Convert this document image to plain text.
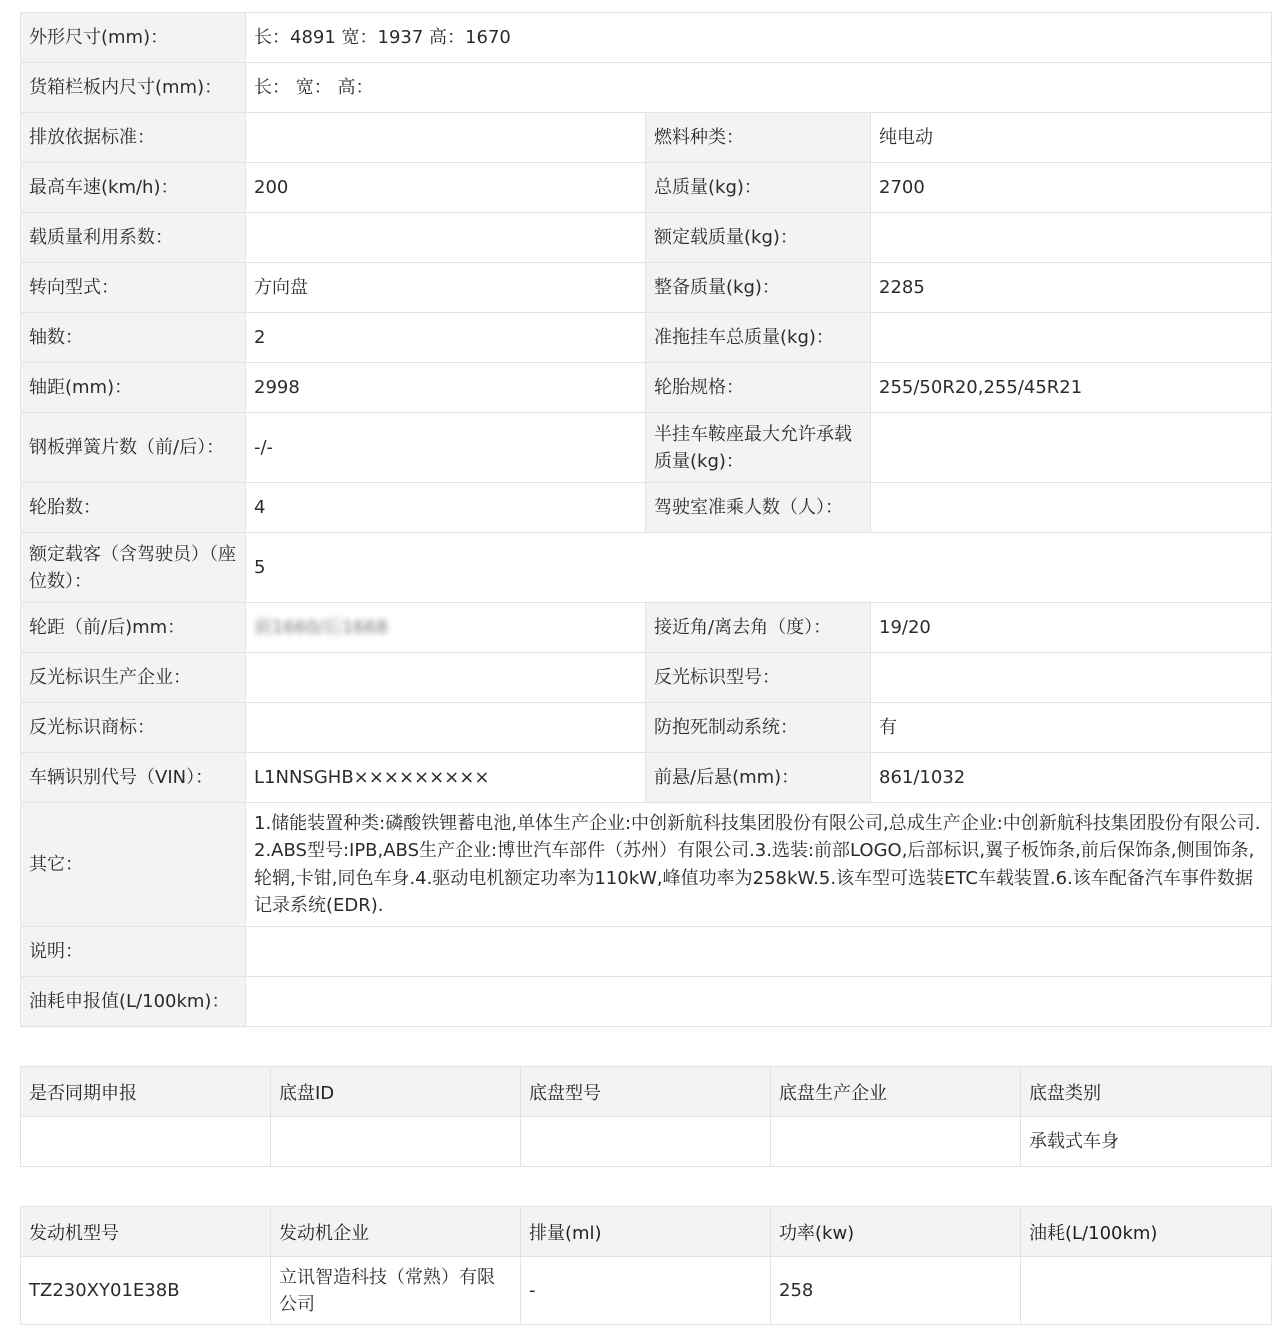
外形尺寸(mm)：	长：4891 宽：1937 高：1670		
货箱栏板内尺寸(mm)：	长： 宽： 高：		
排放依据标准：		燃料种类：	纯电动
最高车速(km/h)：	200	总质量(kg)：	2700
载质量利用系数：		额定载质量(kg)：	
转向型式：	方向盘	整备质量(kg)：	2285
轴数：	2	准拖挂车总质量(kg)：	
轴距(mm)：	2998	轮胎规格：	255/50R20,255/45R21
钢板弹簧片数（前/后）：	-/-	半挂车鞍座最大允许承载质量(kg)：	
轮胎数：	4	驾驶室准乘人数（人）：	
额定载客（含驾驶员）（座位数）：	5		
轮距（前/后)mm：	前1660/后1668	接近角/离去角（度）：	19/20
反光标识生产企业：		反光标识型号：	
反光标识商标：		防抱死制动系统：	有
车辆识别代号（VIN）：	L1NNSGHB×××××××××	前悬/后悬(mm)：	861/1032
其它：	1.储能装置种类:磷酸铁锂蓄电池,单体生产企业:中创新航科技集团股份有限公司,总成生产企业:中创新航科技集团股份有限公司.2.ABS型号:IPB,ABS生产企业:博世汽车部件（苏州）有限公司.3.选装:前部LOGO,后部标识,翼子板饰条,前后保饰条,侧围饰条,轮辋,卡钳,同色车身.4.驱动电机额定功率为110kW,峰值功率为258kW.5.该车型可选装ETC车载装置.6.该车配备汽车事件数据记录系统(EDR).		
说明：			
油耗申报值(L/100km)：			
是否同期申报	底盘ID	底盘型号	底盘生产企业	底盘类别
				承载式车身
发动机型号	发动机企业	排量(ml)	功率(kw)	油耗(L/100km)
TZ230XY01E38B	立讯智造科技（常熟）有限公司	-	258	
